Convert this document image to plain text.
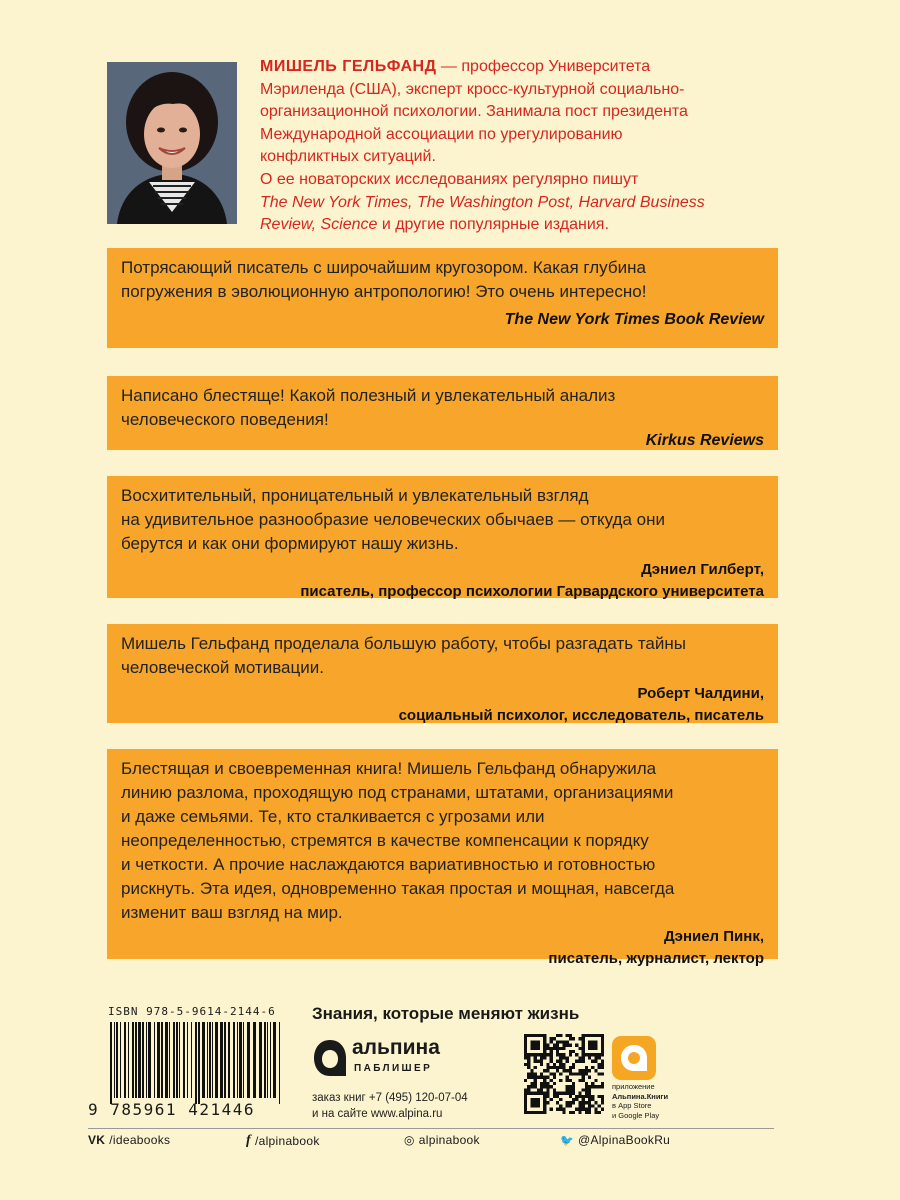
МИШЕЛЬ ГЕЛЬФАНД — профессор Университета
Мэриленда (США), эксперт кросс-культурной социально-
организационной психологии. Занимала пост президента
Международной ассоциации по урегулированию
конфликтных ситуаций.
О ее новаторских исследованиях регулярно пишут
The New York Times, The Washington Post, Harvard Business
Review, Science и другие популярные издания.

Потрясающий писатель с широчайшим кругозором. Какая глубина

погружения в эволюционную антропологию! Это очень интересно!

The New York Times Book Review

Написано блестяще! Какой полезный и увлекательный анализ

человеческого поведения!

Kirkus Reviews

Восхитительный, проницательный и увлекательный взгляд

на удивительное разнообразие человеческих обычаев — откуда они

берутся и как они формируют нашу жизнь.

Дэниел Гилберт,

писатель, профессор психологии Гарвардского университета

Мишель Гельфанд проделала большую работу, чтобы разгадать тайны

человеческой мотивации.

Роберт Чалдини,

социальный психолог, исследователь, писатель

Блестящая и своевременная книга! Мишель Гельфанд обнаружила

линию разлома, проходящую под странами, штатами, организациями

и даже семьями. Те, кто сталкивается с угрозами или

неопределенностью, стремятся в качестве компенсации к порядку

и четкости. А прочие наслаждаются вариативностью и готовностью

рискнуть. Эта идея, одновременно такая простая и мощная, навсегда

изменит ваш взгляд на мир.

Дэниел Пинк,

писатель, журналист, лектор

ISBN 978-5-9614-2144-6
9 785961 421446
Знания, которые меняют жизнь
альпина
ПАБЛИШЕР
заказ книг +7 (495) 120-07-04
и на сайте www.alpina.ru
приложение
Альпина.Книги
в App Store
и Google Play
VK /ideabooks	f /alpinabook	◎ alpinabook	🐦 @AlpinaBookRu
